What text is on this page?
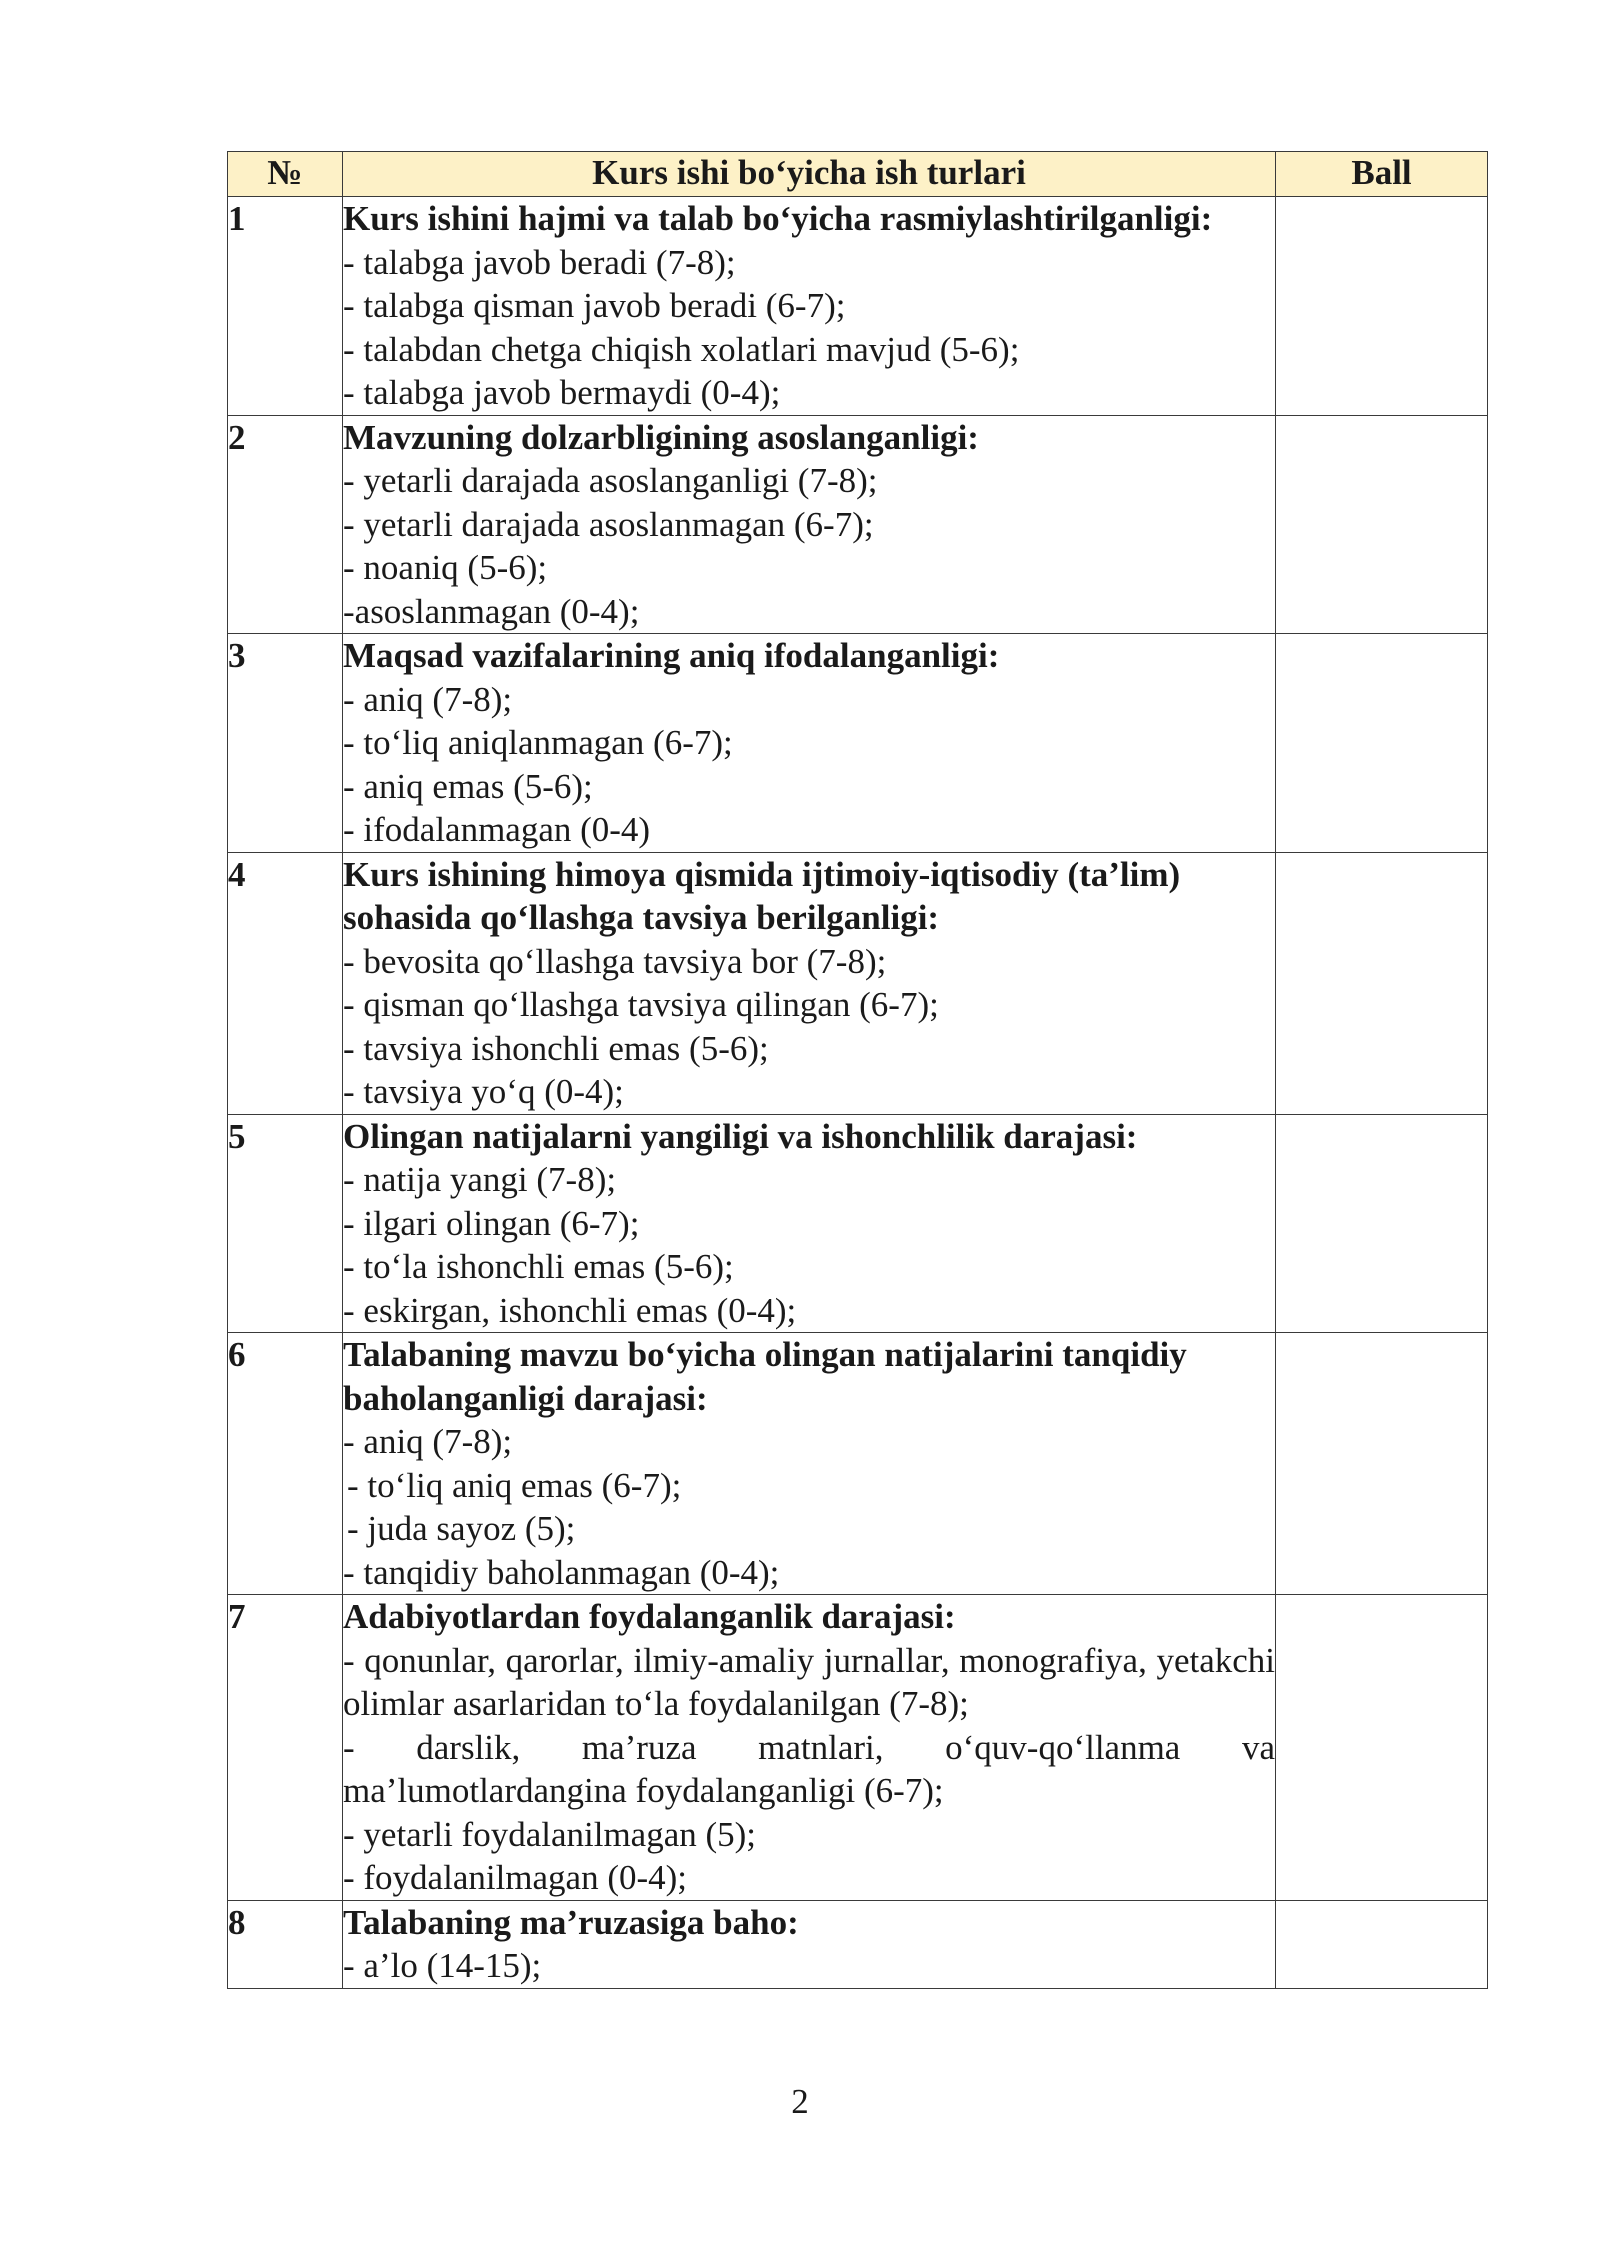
№	Kurs ishi bo‘yicha ish turlari	Ball
1	Kurs ishini hajmi va talab bo‘yicha rasmiylashtirilganligi:
- talabga javob beradi (7-8);
- talabga qisman javob beradi (6-7);
- talabdan chetga chiqish xolatlari mavjud (5-6);
- talabga javob bermaydi (0-4);	

2	Mavzuning dolzarbligining asoslanganligi:
- yetarli darajada asoslanganligi (7-8);
- yetarli darajada asoslanmagan (6-7);
- noaniq (5-6);
-asoslanmagan (0-4);	

3	Maqsad vazifalarining aniq ifodalanganligi:
- aniq (7-8);
- to‘liq aniqlanmagan (6-7);
- aniq emas (5-6);
- ifodalanmagan (0-4)	

4	Kurs ishining himoya qismida ijtimoiy-iqtisodiy (ta’lim) sohasida qo‘llashga tavsiya berilganligi:
- bevosita qo‘llashga tavsiya bor (7-8);
- qisman qo‘llashga tavsiya qilingan (6-7);
- tavsiya ishonchli emas (5-6);
- tavsiya yo‘q (0-4);	

5	Olingan natijalarni yangiligi va ishonchlilik darajasi:
- natija yangi (7-8);
- ilgari olingan (6-7);
- to‘la ishonchli emas (5-6);
- eskirgan, ishonchli emas (0-4);	

6	Talabaning mavzu bo‘yicha olingan natijalarini tanqidiy baholanganligi darajasi:
- aniq (7-8);
- to‘liq aniq emas (6-7);
- juda sayoz (5);
- tanqidiy baholanmagan (0-4);	

7	Adabiyotlardan foydalanganlik darajasi:
- qonunlar, qarorlar, ilmiy-amaliy jurnallar, monografiya, yetakchi olimlar asarlaridan to‘la foydalanilgan (7-8);
- darslik, ma’ruza matnlari, o‘quv-qo‘llanma va ma’lumotlardangina foydalanganligi (6-7);
- yetarli foydalanilmagan (5);
- foydalanilmagan (0-4);	

8	Talabaning ma’ruzasiga baho:
- a’lo (14-15);	

2
